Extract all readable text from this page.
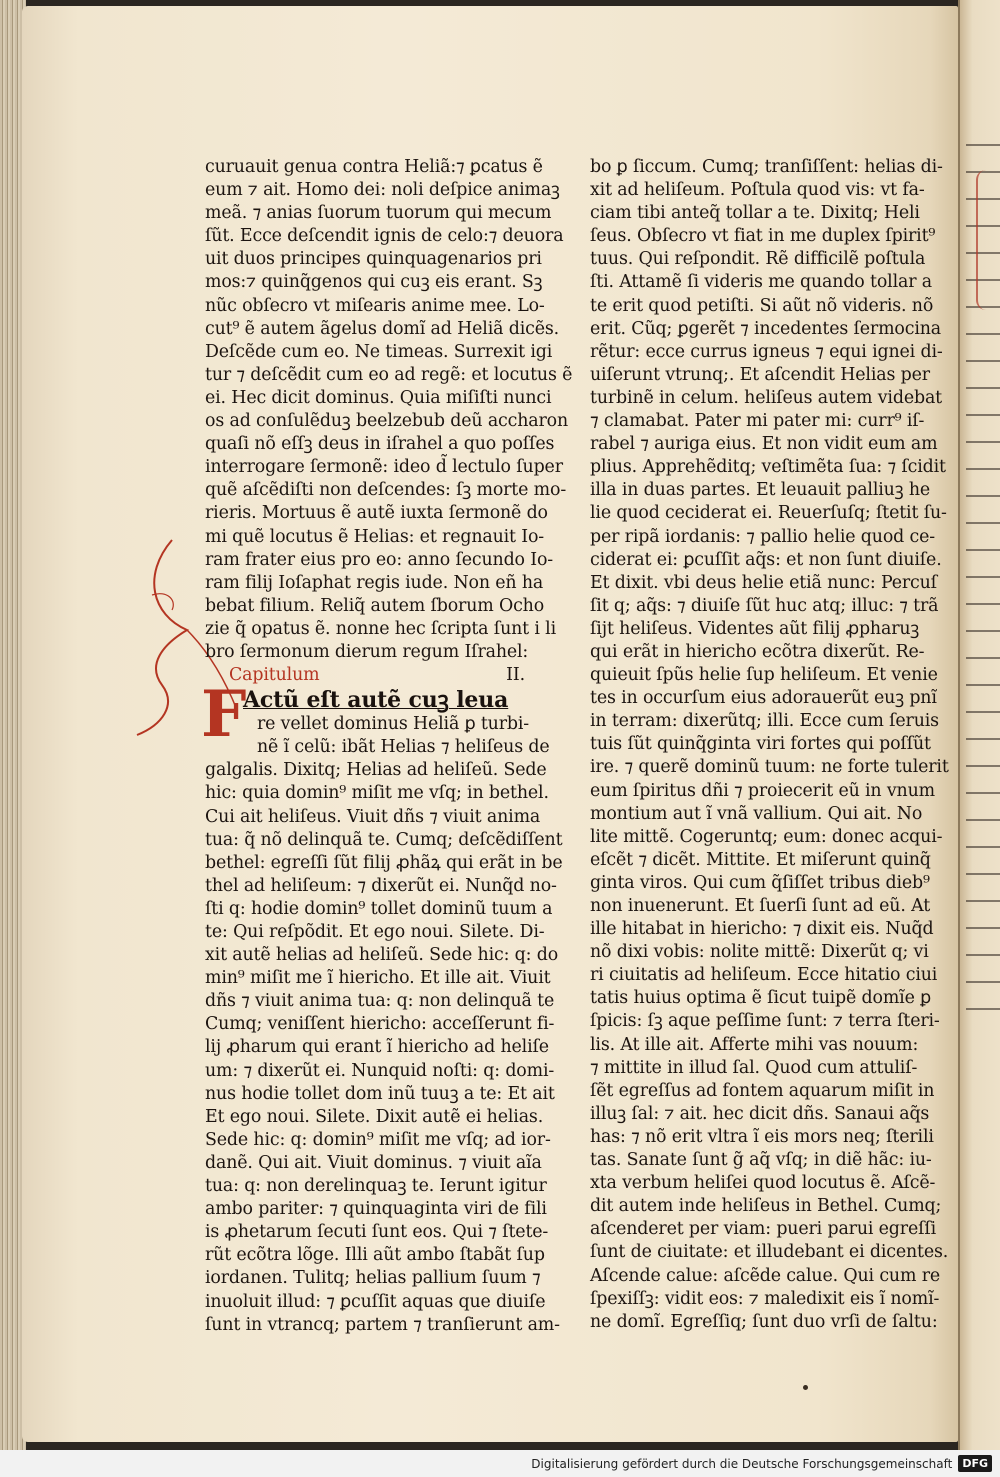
curuauit genua contra Heliã:⁊ ꝑcatus ẽ
eum ⁊ ait. Homo dei: noli deſpice animaꝫ
meã. ⁊ anias ſuorum tuorum qui mecum
ſũt. Ecce deſcendit ignis de celo:⁊ deuora
uit duos principes quinquagenarios pri
mos:⁊ quinq̃genos qui cuꝫ eis erant. Sꝫ
nũc obſecro vt miſearis anime mee. Lo-
cut⁹ ẽ autem ãgelus domĩ ad Heliã dicẽs.
Deſcẽde cum eo. Ne timeas. Surrexit igi
tur ⁊ deſcẽdit cum eo ad regẽ: et locutus ẽ
ei. Hec dicit dominus. Quia miſiſti nunci
os ad conſulẽduꝫ beelzebub deũ accharon
quaſi nõ eſſꝫ deus in iſrahel a quo poſſes
interrogare ſermonẽ: ideo d̃ lectulo ſuper
quẽ aſcẽdiſti non deſcendes: ſꝫ morte mo-
rieris. Mortuus ẽ autẽ iuxta ſermonẽ do
mi quẽ locutus ẽ Helias: et regnauit Io-
ram frater eius pro eo: anno ſecundo Io-
ram filij Ioſaphat regis iude. Non eñ ha
bebat filium. Reliq̃ autem ſborum Ocho
zie q̃ opatus ẽ. nonne hec ſcripta ſunt i li
bro ſermonum dierum regum Iſrahel:
Capitulum	II.
F
Actũ eſt autẽ cuꝫ leua
re vellet dominus Heliã ꝑ turbi-
nẽ ĩ celũ: ibãt Helias ⁊ heliſeus de
galgalis. Dixitq; Helias ad heliſeũ. Sede
hic: quia domin⁹ miſit me vſq; in bethel.
Cui ait heliſeus. Viuit dñs ⁊ viuit anima
tua: q̃ nõ delinquã te. Cumq; deſcẽdiſſent
bethel: egreſſi ſũt filij ꝓhãꝝ qui erãt in be
thel ad heliſeum: ⁊ dixerũt ei. Nunq̃d no-
ſti q: hodie domin⁹ tollet dominũ tuum a
te: Qui reſpõdit. Et ego noui. Silete. Di-
xit autẽ helias ad heliſeũ. Sede hic: q: do
min⁹ miſit me ĩ hiericho. Et ille ait. Viuit
dñs ⁊ viuit anima tua: q: non delinquã te
Cumq; veniſſent hiericho: acceſſerunt fi-
lij ꝓharum qui erant ĩ hiericho ad heliſe
um: ⁊ dixerũt ei. Nunquid noſti: q: domi-
nus hodie tollet dom inũ tuuꝫ a te: Et ait
Et ego noui. Silete. Dixit autẽ ei helias.
Sede hic: q: domin⁹ miſit me vſq; ad ior-
danẽ. Qui ait. Viuit dominus. ⁊ viuit aĩa
tua: q: non derelinquaꝫ te. Ierunt igitur
ambo pariter: ⁊ quinquaginta viri de fili
is ꝓhetarum ſecuti ſunt eos. Qui ⁊ ſtete-
rũt ecõtra lõge. Illi aũt ambo ſtabãt ſup
iordanen. Tulitq; helias pallium ſuum ⁊
inuoluit illud: ⁊ ꝑcuſſit aquas que diuiſe
ſunt in vtrancq; partem ⁊ tranſierunt am-
bo ꝑ ſiccum. Cumq; tranſiſſent: helias di-
xit ad heliſeum. Poſtula quod vis: vt fa-
ciam tibi anteq̃ tollar a te. Dixitq; Heli
ſeus. Obſecro vt fiat in me duplex ſpirit⁹
tuus. Qui reſpondit. Rẽ difficilẽ poſtula
ſti. Attamẽ ſi videris me quando tollar a
te erit quod petiſti. Si aũt nõ videris. nõ
erit. Cũq; ꝑgerẽt ⁊ incedentes ſermocina
rẽtur: ecce currus igneus ⁊ equi ignei di-
uiſerunt vtrunq;. Et aſcendit Helias per
turbinẽ in celum. heliſeus autem videbat
⁊ clamabat. Pater mi pater mi: curr⁹ iſ-
rabel ⁊ auriga eius. Et non vidit eum am
plius. Apprehẽditq; veſtimẽta ſua: ⁊ ſcidit
illa in duas partes. Et leuauit palliuꝫ he
lie quod ceciderat ei. Reuerſuſq; ſtetit ſu-
per ripã iordanis: ⁊ pallio helie quod ce-
ciderat ei: ꝑcuſſit aq̃s: et non ſunt diuiſe.
Et dixit. vbi deus helie etiã nunc: Percuſ
ſit q; aq̃s: ⁊ diuiſe ſũt huc atq; illuc: ⁊ trã
ſijt heliſeus. Videntes aũt filij ꝓpharuꝫ
qui erãt in hiericho ecõtra dixerũt. Re-
quieuit ſpũs helie ſup heliſeum. Et venie
tes in occurſum eius adorauerũt euꝫ pnĩ
in terram: dixerũtq; illi. Ecce cum ſeruis
tuis ſũt quinq̃ginta viri fortes qui poſſũt
ire. ⁊ querẽ dominũ tuum: ne forte tulerit
eum ſpiritus dñi ⁊ proiecerit eũ in vnum
montium aut ĩ vnã vallium. Qui ait. No
lite mittẽ. Cogeruntq; eum: donec acqui-
eſcẽt ⁊ dicẽt. Mittite. Et miſerunt quinq̃
ginta viros. Qui cum q̃ſiſſet tribus dieb⁹
non inuenerunt. Et ſuerſi ſunt ad eũ. At
ille hitabat in hiericho: ⁊ dixit eis. Nuq̃d
nõ dixi vobis: nolite mittẽ: Dixerũt q; vi
ri ciuitatis ad heliſeum. Ecce hitatio ciui
tatis huius optima ẽ ſicut tuipẽ domĩe ꝑ
ſpicis: ſꝫ aque peſſime ſunt: ⁊ terra ſteri-
lis. At ille ait. Afferte mihi vas nouum:
⁊ mittite in illud ſal. Quod cum attuliſ-
ſẽt egreſſus ad fontem aquarum miſit in
illuꝫ ſal: ⁊ ait. hec dicit dñs. Sanaui aq̃s
has: ⁊ nõ erit vltra ĩ eis mors neq; ſterili
tas. Sanate ſunt g̃ aq̃ vſq; in diẽ hãc: iu-
xta verbum heliſei quod locutus ẽ. Aſcẽ-
dit autem inde heliſeus in Bethel. Cumq;
aſcenderet per viam: pueri parui egreſſi
ſunt de ciuitate: et illudebant ei dicentes.
Aſcende calue: aſcẽde calue. Qui cum re
ſpexiſſꝫ: vidit eos: ⁊ maledixit eis ĩ nomĩ-
ne domĩ. Egreſſiq; ſunt duo vrſi de ſaltu:
Digitalisierung gefördert durch die Deutsche Forschungsgemeinschaft DFG
